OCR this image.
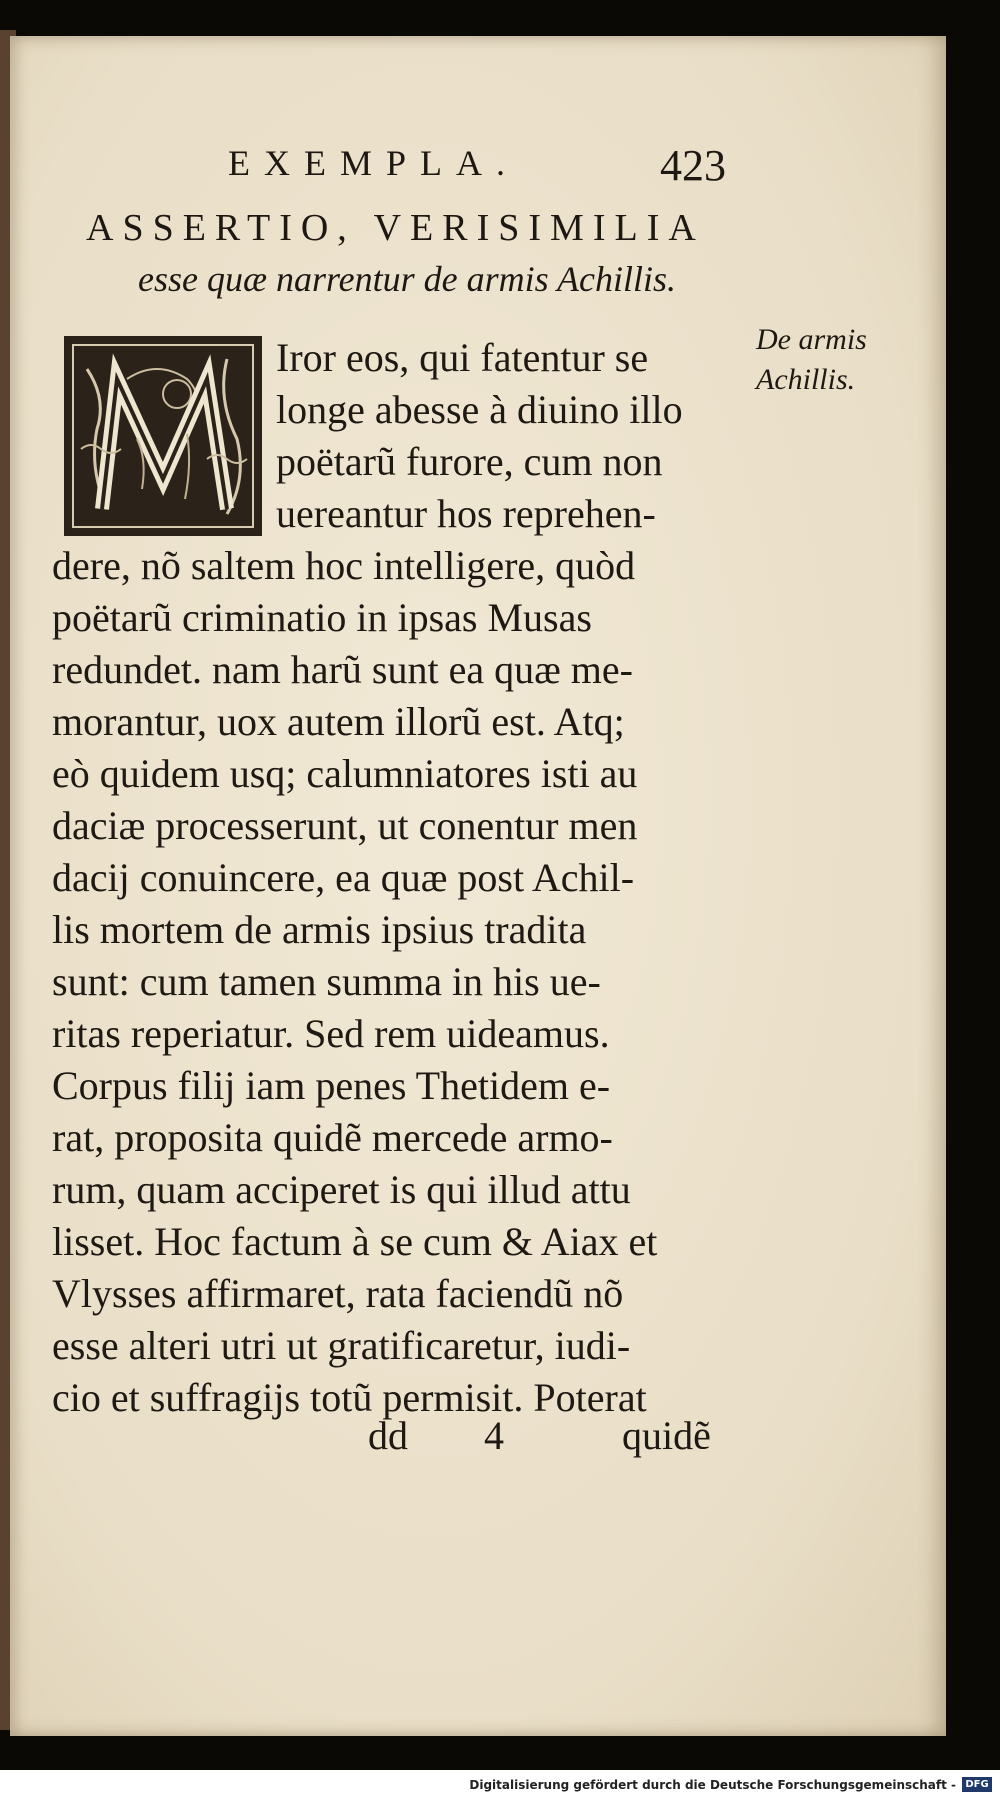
EXEMPLA.	423
ASSERTIO, VERISIMILIA
esse quæ narrentur de armis Achillis.
Iror eos, qui fatentur se
longe abesse à diuino illo
poëtarũ furore, cum non
uereantur hos reprehen-
dere, nõ saltem hoc intelligere, quòd
poëtarũ criminatio in ipsas Musas
redundet. nam harũ sunt ea quæ me-
morantur, uox autem illorũ est. Atq;
eò quidem usq; calumniatores isti au
daciæ processerunt, ut conentur men
dacij conuincere, ea quæ post Achil-
lis mortem de armis ipsius tradita
sunt: cum tamen summa in his ue-
ritas reperiatur. Sed rem uideamus.
Corpus filij iam penes Thetidem e-
rat, proposita quidẽ mercede armo-
rum, quam acciperet is qui illud attu
lisset. Hoc factum à se cum & Aiax et
Vlysses affirmaret, rata faciendũ nõ
esse alteri utri ut gratificaretur, iudi-
cio et suffragijs totũ permisit. Poterat
dd 4	quidẽ
De armis
Achillis.
Digitalisierung gefördert durch die Deutsche Forschungsgemeinschaft - DFG
